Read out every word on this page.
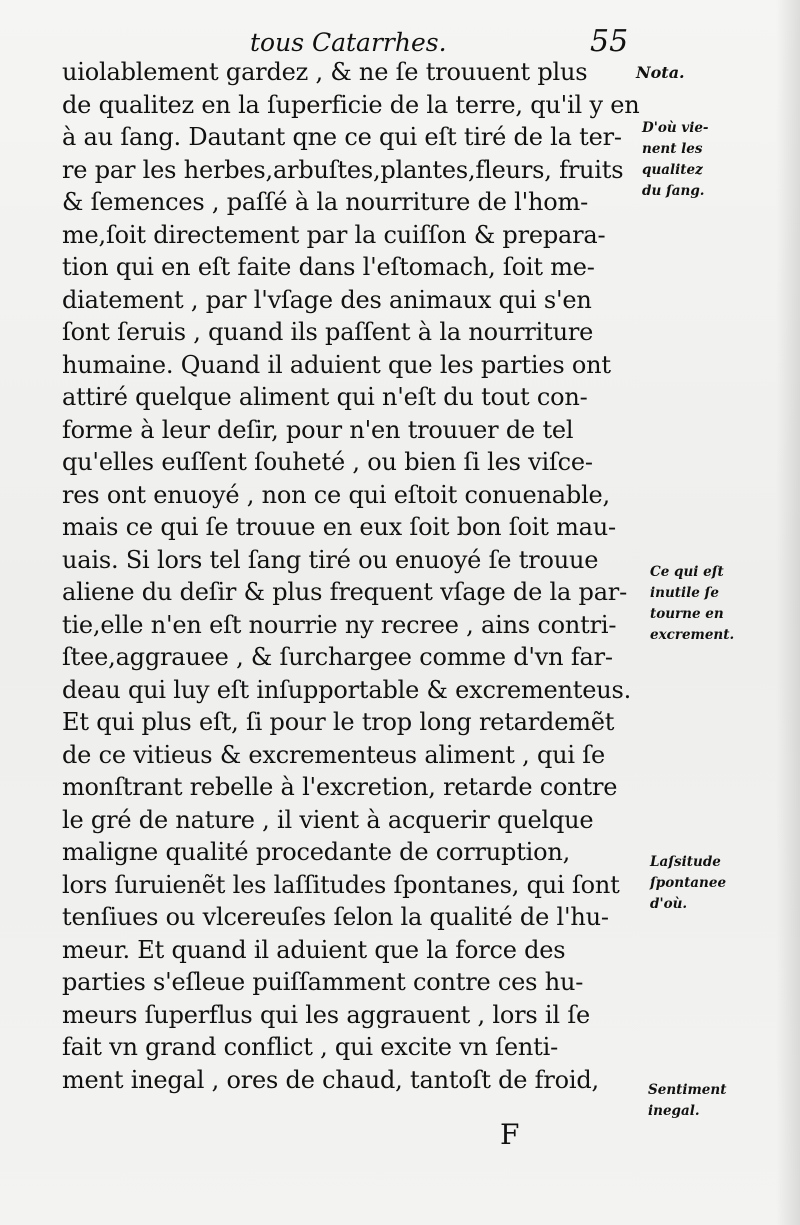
tous Catarrhes.	55
uiolablement gardez , & ne ſe trouuent plus
de qualitez en la ſuperficie de la terre, qu'il y en
à au ſang. Dautant qne ce qui eſt tiré de la ter-
re par les herbes,arbuſtes,plantes,fleurs, fruits
& ſemences , paſſé à la nourriture de l'hom-
me,ſoit directement par la cuiſſon & preparа-
tion qui en eſt faite dans l'eſtomach, ſoit me-
diatement , par l'vſage des animaux qui s'en
ſont ſeruis , quand ils paſſent à la nourriture
humaine. Quand il aduient que les parties ont
attiré quelque aliment qui n'eſt du tout con-
forme à leur deſir, pour n'en trouuer de tel
qu'elles euſſent ſouheté , ou bien ſi les viſce-
res ont enuoyé , non ce qui eſtoit conuenable,
mais ce qui ſe trouue en eux ſoit bon ſoit mau-
uais. Si lors tel ſang tiré ou enuoyé ſe trouue
aliene du deſir & plus frequent vſage de la par-
tie,elle n'en eſt nourrie ny recree , ains contri-
ſtee,aggrauee , & ſurchargee comme d'vn far-
deau qui luy eſt inſupportable & excrementeus.
Et qui plus eſt, ſi pour le trop long retardemẽt
de ce vitieus & excrementeus aliment , qui ſe
monſtrant rebelle à l'excretion, retarde contre
le gré de nature , il vient à acquerir quelque
maligne qualité procedante de corruption,
lors ſuruienẽt les laſſitudes ſpontanes, qui ſont
tenſiues ou vlcereuſes ſelon la qualité de l'hu-
meur. Et quand il aduient que la force des
parties s'eſleue puiſſamment contre ces hu-
meurs ſuperflus qui les aggrauent , lors il ſe
fait vn grand conflict , qui excite vn ſenti-
ment inegal , ores de chaud, tantoſt de froid,
Nota.
D'où vie-
nent les
qualitez
du ſang.
Ce qui eſt
inutile ſe
tourne en
excrement.
Laſsitude
ſpontanee
d'où.
Sentiment
inegal.
F
